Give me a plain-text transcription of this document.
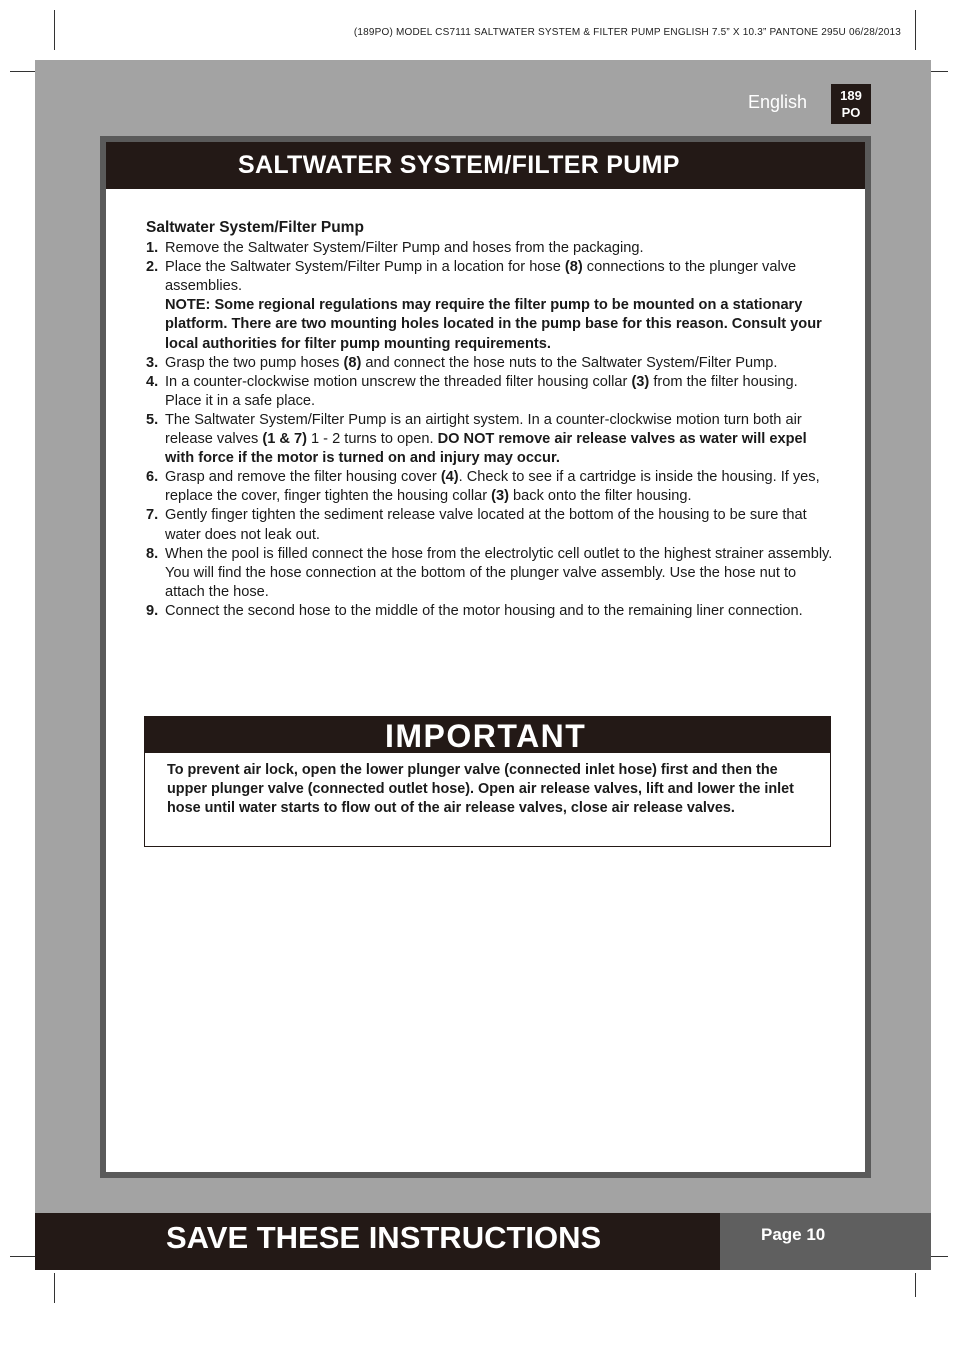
(189PO) MODEL CS7111 SALTWATER SYSTEM & FILTER PUMP ENGLISH 7.5” X 10.3” PANTONE 295U 06/28/2013
English	189
PO
SALTWATER SYSTEM/FILTER PUMP
Saltwater System/Filter Pump
1. Remove the Saltwater System/Filter Pump and hoses from the packaging.
2. Place the Saltwater System/Filter Pump in a location for hose (8) connections to the plunger valve assemblies.
NOTE: Some regional regulations may require the filter pump to be mounted on a stationary platform. There are two mounting holes located in the pump base for this reason. Consult your local authorities for filter pump mounting requirements.
3. Grasp the two pump hoses (8) and connect the hose nuts to the Saltwater System/Filter Pump.
4. In a counter-clockwise motion unscrew the threaded filter housing collar (3) from the filter housing. Place it in a safe place.
5. The Saltwater System/Filter Pump is an airtight system. In a counter-clockwise motion turn both air release valves (1 & 7) 1 - 2 turns to open. DO NOT remove air release valves as water will expel with force if the motor is turned on and injury may occur.
6. Grasp and remove the filter housing cover (4). Check to see if a cartridge is inside the housing. If yes, replace the cover, finger tighten the housing collar (3) back onto the filter housing.
7. Gently finger tighten the sediment release valve located at the bottom of the housing to be sure that water does not leak out.
8. When the pool is filled connect the hose from the electrolytic cell outlet to the highest strainer assembly. You will find the hose connection at the bottom of the plunger valve assembly. Use the hose nut to attach the hose.
9. Connect the second hose to the middle of the motor housing and to the remaining liner connection.
IMPORTANT
To prevent air lock, open the lower plunger valve (connected inlet hose) first and then the upper plunger valve (connected outlet hose). Open air release valves, lift and lower the inlet hose until water starts to flow out of the air release valves, close air release valves.
SAVE THESE INSTRUCTIONS	Page 10
